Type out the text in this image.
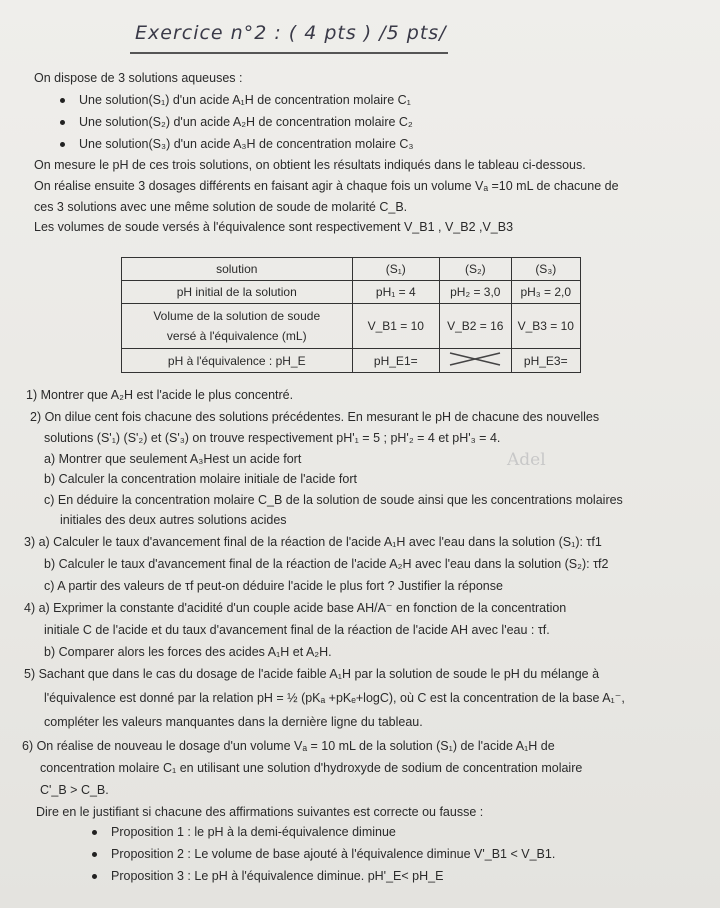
Exercice n°2 : ( 4 pts ) /5 pts/
On dispose de 3 solutions aqueuses :
Une solution(S₁) d'un acide A₁H de concentration molaire C₁
Une solution(S₂) d'un acide A₂H de concentration molaire C₂
Une solution(S₃) d'un acide A₃H de concentration molaire C₃
On mesure le pH de ces trois solutions, on obtient les résultats indiqués dans le tableau ci-dessous.
On réalise ensuite 3 dosages différents en faisant agir à chaque fois un volume Vₐ =10 mL de chacune de
ces 3 solutions avec une même solution de soude de molarité C_B.
Les volumes de soude versés à l'équivalence sont respectivement V_B1 , V_B2 ,V_B3
solution	(S₁)	(S₂)	(S₃)
pH initial de la solution	pH₁ = 4	pH₂ = 3,0	pH₃ = 2,0

Volume de la solution de soude
versé à l'équivalence (mL)	V_B1 = 10	V_B2 = 16	V_B3 = 10
pH à l'équivalence : pH_E	pH_E1=		pH_E3=
1) Montrer que A₂H est l'acide le plus concentré.
2) On dilue cent fois chacune des solutions précédentes. En mesurant le pH de chacune des nouvelles
solutions (S'₁) (S'₂) et (S'₃) on trouve respectivement pH'₁ = 5 ; pH'₂ = 4 et pH'₃ = 4.
a) Montrer que seulement A₃Hest un acide fort
b) Calculer la concentration molaire initiale de l'acide fort
c) En déduire la concentration molaire C_B de la solution de soude ainsi que les concentrations molaires
initiales des deux autres solutions acides
3) a) Calculer le taux d'avancement final de la réaction de l'acide A₁H avec l'eau dans la solution (S₁): τf1
b) Calculer le taux d'avancement final de la réaction de l'acide A₂H avec l'eau dans la solution (S₂): τf2
c) A partir des valeurs de τf peut-on déduire l'acide le plus fort ? Justifier la réponse
4) a) Exprimer la constante d'acidité d'un couple acide base AH/A⁻ en fonction de la concentration
initiale C de l'acide et du taux d'avancement final de la réaction de l'acide AH avec l'eau : τf.
b) Comparer alors les forces des acides A₁H et A₂H.
5) Sachant que dans le cas du dosage de l'acide faible A₁H par la solution de soude le pH du mélange à
l'équivalence est donné par la relation pH = ½ (pKₐ +pKₑ+logC), où C est la concentration de la base A₁⁻,
compléter les valeurs manquantes dans la dernière ligne du tableau.
6) On réalise de nouveau le dosage d'un volume Vₐ = 10 mL de la solution (S₁) de l'acide A₁H de
concentration molaire C₁ en utilisant une solution d'hydroxyde de sodium de concentration molaire
C'_B > C_B.
Dire en le justifiant si chacune des affirmations suivantes est correcte ou fausse :
Proposition 1 : le pH à la demi-équivalence diminue
Proposition 2 : Le volume de base ajouté à l'équivalence diminue V'_B1 < V_B1.
Proposition 3 : Le pH à l'équivalence diminue. pH'_E< pH_E
Adel
